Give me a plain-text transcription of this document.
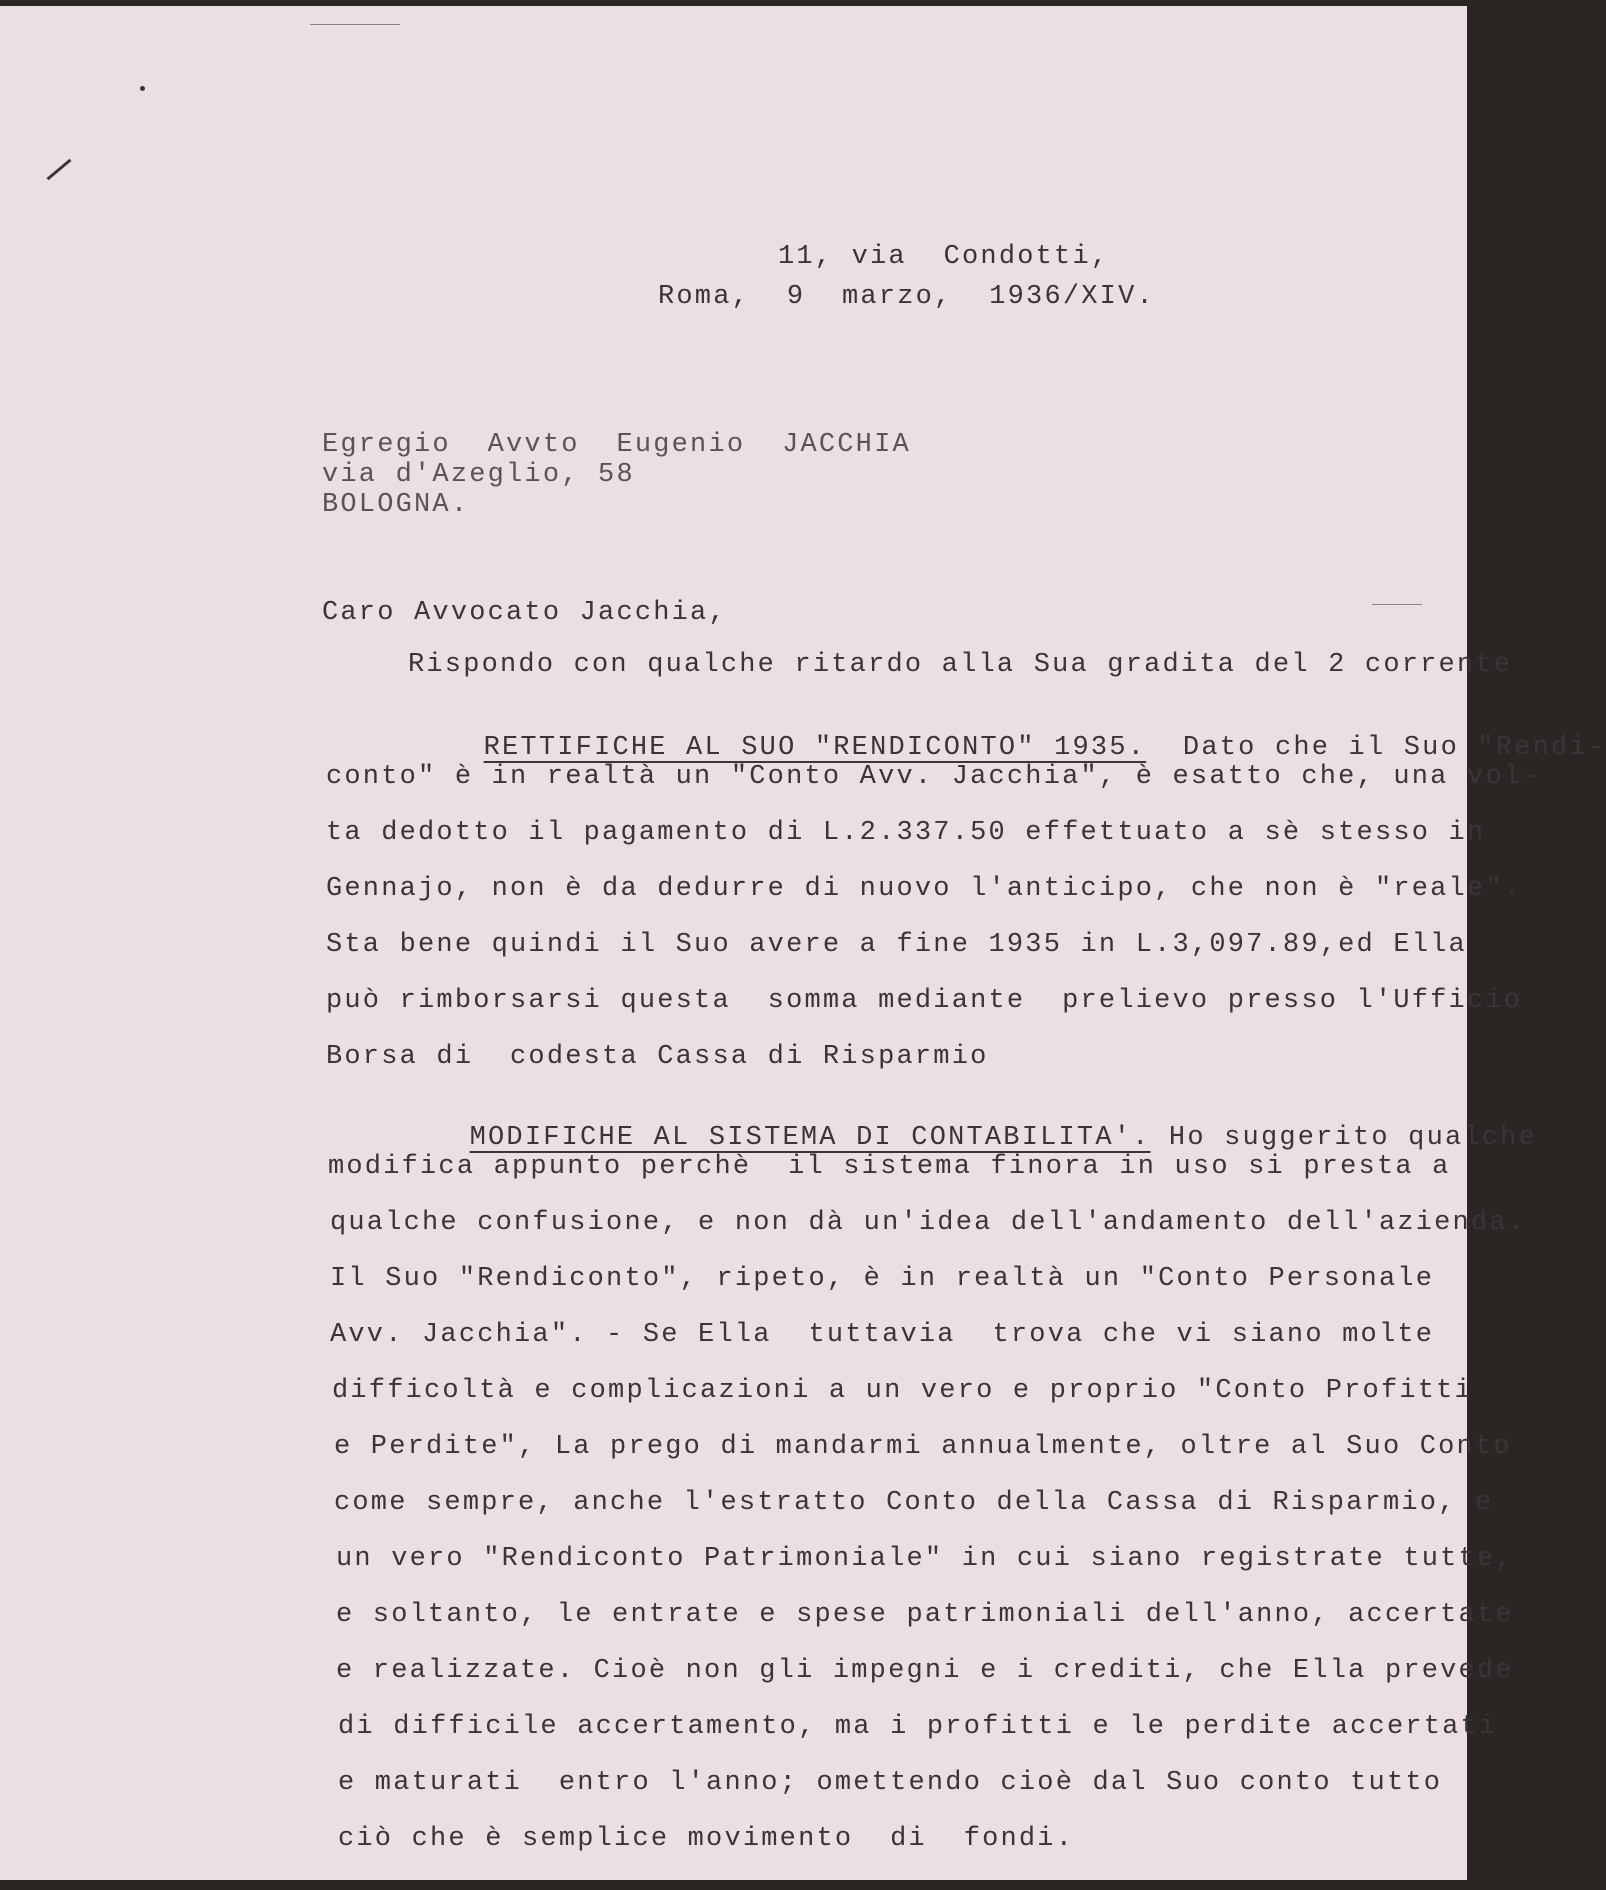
11, via  Condotti,
Roma,  9  marzo,  1936/XIV.
Egregio  Avvto  Eugenio  JACCHIA
via d'Azeglio, 58
BOLOGNA.
Caro Avvocato Jacchia,
Rispondo con qualche ritardo alla Sua gradita del 2 corrente

RETTIFICHE AL SUO "RENDICONTO" 1935.  Dato che il Suo "Rendi-

conto" è in realtà un "Conto Avv. Jacchia", è esatto che, una vol-
ta dedotto il pagamento di L.2.337.50 effettuato a sè stesso in
Gennajo, non è da dedurre di nuovo l'anticipo, che non è "reale".
Sta bene quindi il Suo avere a fine 1935 in L.3,097.89,ed Ella
può rimborsarsi questa  somma mediante  prelievo presso l'Ufficio
Borsa di  codesta Cassa di Risparmio

MODIFICHE AL SISTEMA DI CONTABILITA'. Ho suggerito qualche

modifica appunto perchè  il sistema finora in uso si presta a
qualche confusione, e non dà un'idea dell'andamento dell'azienda.
Il Suo "Rendiconto", ripeto, è in realtà un "Conto Personale
Avv. Jacchia". - Se Ella  tuttavia  trova che vi siano molte
difficoltà e complicazioni a un vero e proprio "Conto Profitti
e Perdite", La prego di mandarmi annualmente, oltre al Suo Conto
come sempre, anche l'estratto Conto della Cassa di Risparmio, e
un vero "Rendiconto Patrimoniale" in cui siano registrate tutte,
e soltanto, le entrate e spese patrimoniali dell'anno, accertate
e realizzate. Cioè non gli impegni e i crediti, che Ella prevede
di difficile accertamento, ma i profitti e le perdite accertati
e maturati  entro l'anno; omettendo cioè dal Suo conto tutto
ciò che è semplice movimento  di  fondi.
